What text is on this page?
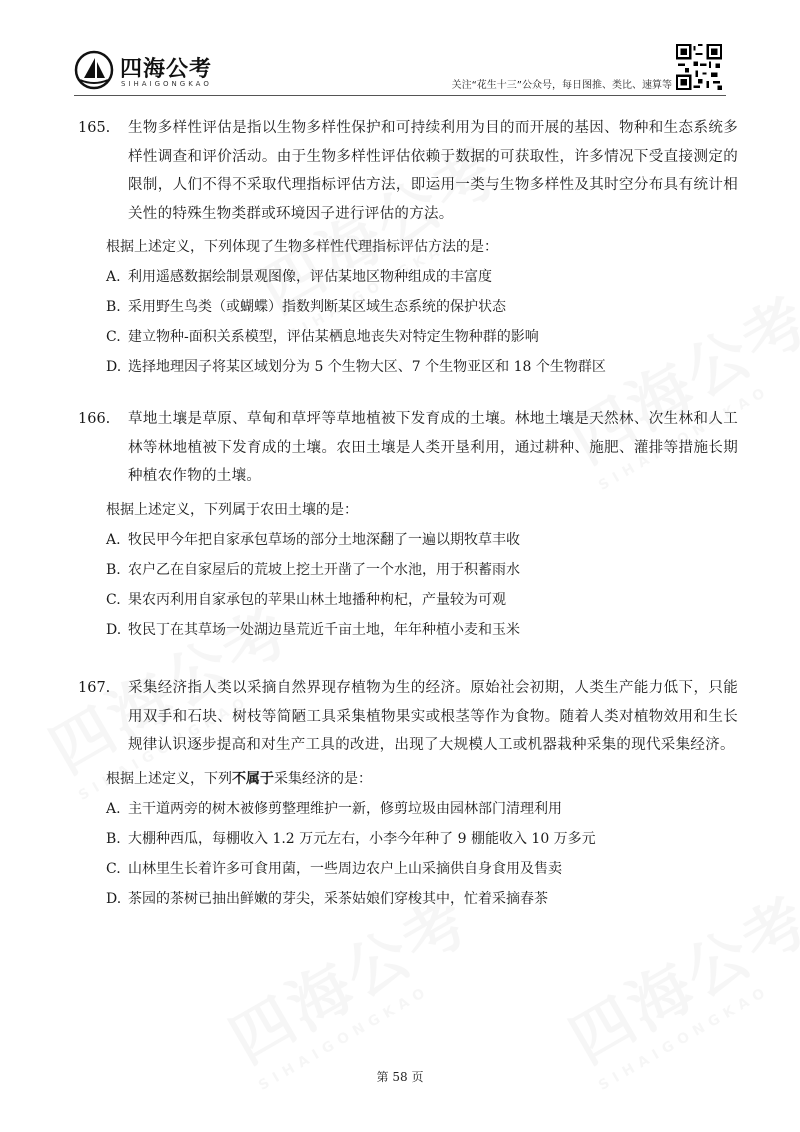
四海公考
SIHAIGONGKAO	关注“花生十三”公众号，每日图推、类比、速算等
165. 生物多样性评估是指以生物多样性保护和可持续利用为目的而开展的基因、物种和生态系统多样性调查和评价活动。由于生物多样性评估依赖于数据的可获取性，许多情况下受直接测定的限制，人们不得不采取代理指标评估方法，即运用一类与生物多样性及其时空分布具有统计相关性的特殊生物类群或环境因子进行评估的方法。
根据上述定义，下列体现了生物多样性代理指标评估方法的是：
A. 利用遥感数据绘制景观图像，评估某地区物种组成的丰富度
B. 采用野生鸟类（或蝴蝶）指数判断某区域生态系统的保护状态
C. 建立物种-面积关系模型，评估某栖息地丧失对特定生物种群的影响
D. 选择地理因子将某区域划分为 5 个生物大区、7 个生物亚区和 18 个生物群区
166. 草地土壤是草原、草甸和草坪等草地植被下发育成的土壤。林地土壤是天然林、次生林和人工林等林地植被下发育成的土壤。农田土壤是人类开垦利用，通过耕种、施肥、灌排等措施长期种植农作物的土壤。
根据上述定义，下列属于农田土壤的是：
A. 牧民甲今年把自家承包草场的部分土地深翻了一遍以期牧草丰收
B. 农户乙在自家屋后的荒坡上挖土开凿了一个水池，用于积蓄雨水
C. 果农丙利用自家承包的苹果山林土地播种枸杞，产量较为可观
D. 牧民丁在其草场一处湖边垦荒近千亩土地，年年种植小麦和玉米
167. 采集经济指人类以采摘自然界现存植物为生的经济。原始社会初期，人类生产能力低下，只能用双手和石块、树枝等简陋工具采集植物果实或根茎等作为食物。随着人类对植物效用和生长规律认识逐步提高和对生产工具的改进，出现了大规模人工或机器栽种采集的现代采集经济。
根据上述定义，下列不属于采集经济的是：
A. 主干道两旁的树木被修剪整理维护一新，修剪垃圾由园林部门清理利用
B. 大棚种西瓜，每棚收入 1.2 万元左右，小李今年种了 9 棚能收入 10 万多元
C. 山林里生长着许多可食用菌，一些周边农户上山采摘供自身食用及售卖
D. 茶园的茶树已抽出鲜嫩的芽尖，采茶姑娘们穿梭其中，忙着采摘春茶
第 58 页
